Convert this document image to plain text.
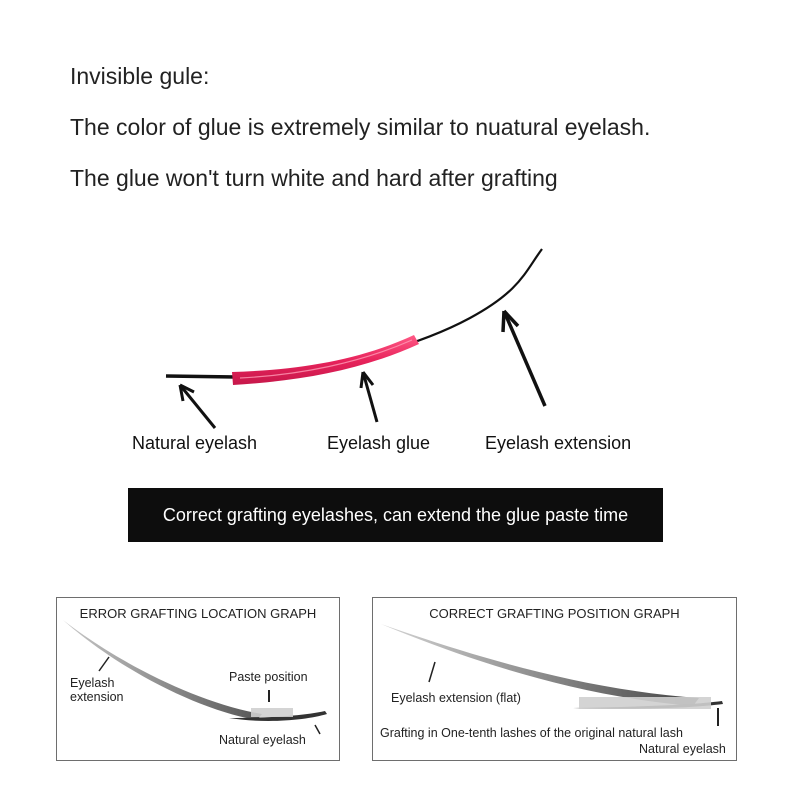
Invisible gule:
The color of glue is extremely similar to nuatural eyelash.
The glue won't turn white and hard after grafting
Natural eyelash	Eyelash glue	Eyelash extension
Correct grafting eyelashes, can extend the glue paste time
ERROR GRAFTING LOCATION GRAPH
Eyelash
extension
Paste position
Natural eyelash
CORRECT GRAFTING POSITION GRAPH
Eyelash extension (flat)
Grafting in One-tenth lashes of the original natural lash
Natural eyelash
